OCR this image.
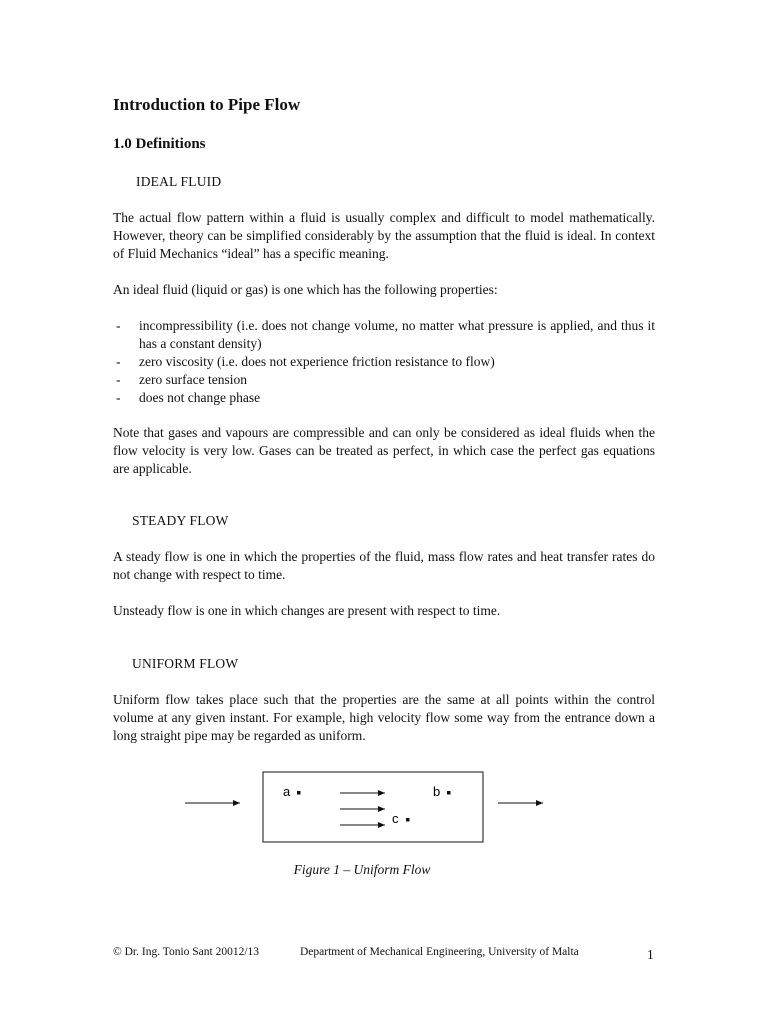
Introduction to Pipe Flow
1.0 Definitions

IDEAL FLUID

The actual flow pattern within a fluid is usually complex and difficult to model mathematically. However, theory can be simplified considerably by the assumption that the fluid is ideal. In context of Fluid Mechanics “ideal” has a specific meaning.

An ideal fluid (liquid or gas) is one which has the following properties:

- incompressibility (i.e. does not change volume, no matter what pressure is applied, and thus it has a constant density)
- zero viscosity (i.e. does not experience friction resistance to flow)
- zero surface tension
- does not change phase

Note that gases and vapours are compressible and can only be considered as ideal fluids when the flow velocity is very low. Gases can be treated as perfect, in which case the perfect gas equations are applicable.

STEADY FLOW

A steady flow is one in which the properties of the fluid, mass flow rates and heat transfer rates do not change with respect to time.

Unsteady flow is one in which changes are present with respect to time.

UNIFORM FLOW

Uniform flow takes place such that the properties are the same at all points within the control volume at any given instant. For example, high velocity flow some way from the entrance down a long straight pipe may be regarded as uniform.

a	b
c

Figure 1 – Uniform Flow

© Dr. Ing. Tonio Sant 20012/13	Department of Mechanical Engineering, University of Malta	1
